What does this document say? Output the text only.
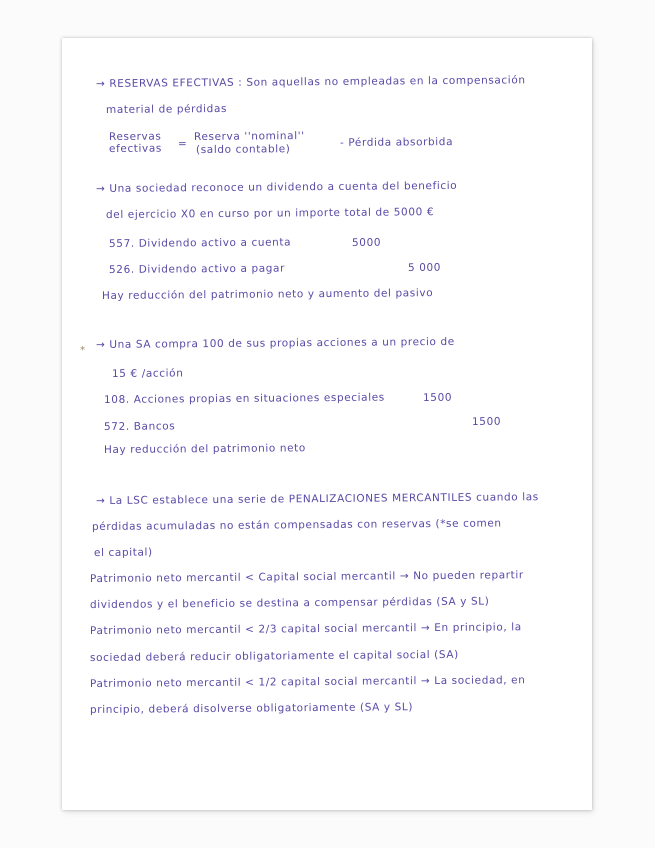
*
→ RESERVAS EFECTIVAS : Son aquellas no empleadas en la compensación
material de pérdidas
Reservas
efectivas =
Reserva ''nominal''
(saldo contable)
- Pérdida absorbida
→ Una sociedad reconoce un dividendo a cuenta del beneficio
del ejercicio X0 en curso por un importe total de 5000 €
557. Dividendo activo a cuenta	5000
526. Dividendo activo a pagar	5 000
Hay reducción del patrimonio neto y aumento del pasivo
→ Una SA compra 100 de sus propias acciones a un precio de
15 € /acción
108. Acciones propias en situaciones especiales	1500
572. Bancos	1500
Hay reducción del patrimonio neto
→ La LSC establece una serie de PENALIZACIONES MERCANTILES cuando las
pérdidas acumuladas no están compensadas con reservas (*se comen
el capital)
Patrimonio neto mercantil < Capital social mercantil → No pueden repartir
dividendos y el beneficio se destina a compensar pérdidas (SA y SL)
Patrimonio neto mercantil < 2/3 capital social mercantil → En principio, la
sociedad deberá reducir obligatoriamente el capital social (SA)
Patrimonio neto mercantil < 1/2 capital social mercantil → La sociedad, en
principio, deberá disolverse obligatoriamente (SA y SL)
